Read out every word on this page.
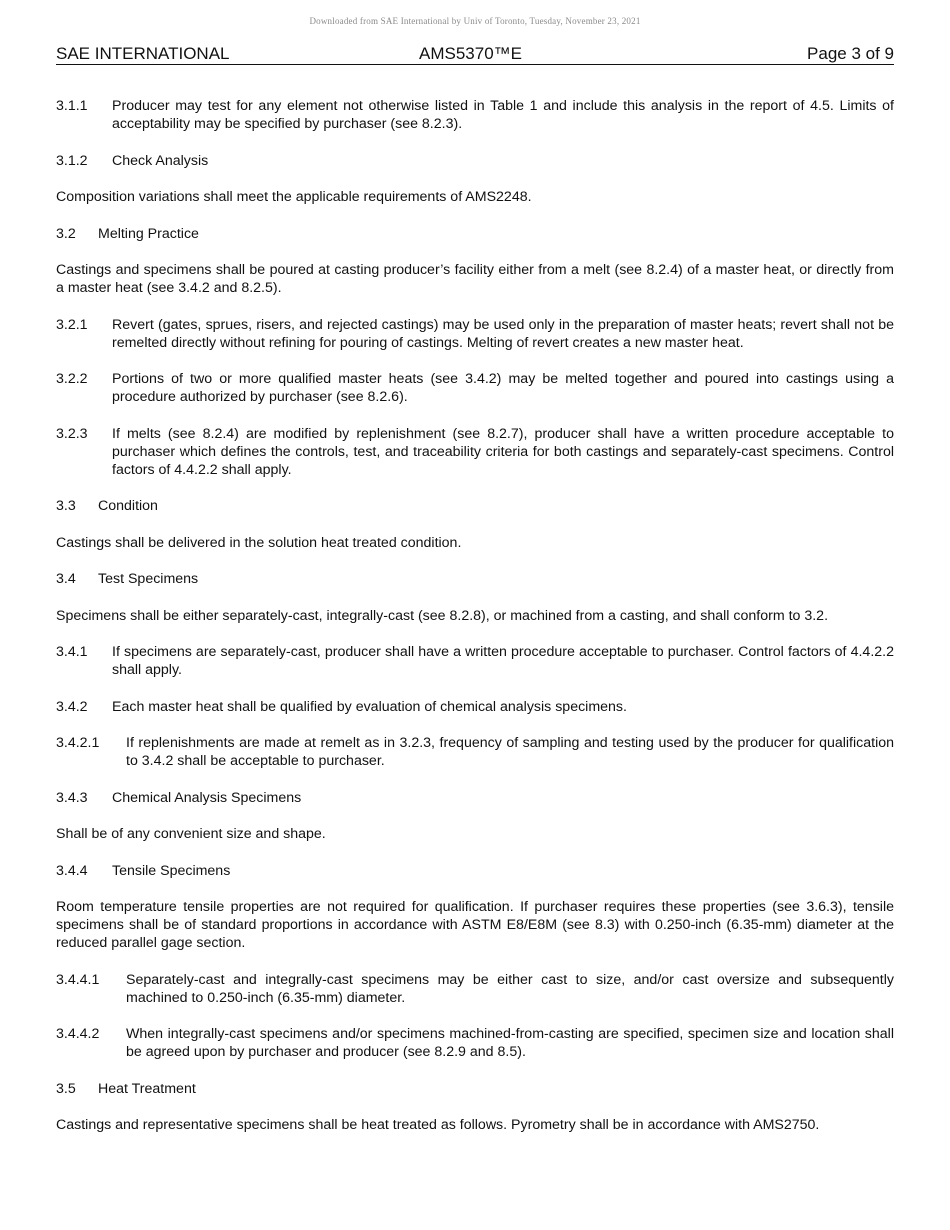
Downloaded from SAE International by Univ of Toronto, Tuesday, November 23, 2021
SAE INTERNATIONAL	AMS5370™E	Page 3 of 9
3.1.1 Producer may test for any element not otherwise listed in Table 1 and include this analysis in the report of 4.5. Limits of acceptability may be specified by purchaser (see 8.2.3).
3.1.2 Check Analysis

Composition variations shall meet the applicable requirements of AMS2248.

3.2 Melting Practice

Castings and specimens shall be poured at casting producer’s facility either from a melt (see 8.2.4) of a master heat, or directly from a master heat (see 3.4.2 and 8.2.5).

3.2.1 Revert (gates, sprues, risers, and rejected castings) may be used only in the preparation of master heats; revert shall not be remelted directly without refining for pouring of castings. Melting of revert creates a new master heat.
3.2.2 Portions of two or more qualified master heats (see 3.4.2) may be melted together and poured into castings using a procedure authorized by purchaser (see 8.2.6).
3.2.3 If melts (see 8.2.4) are modified by replenishment (see 8.2.7), producer shall have a written procedure acceptable to purchaser which defines the controls, test, and traceability criteria for both castings and separately-cast specimens. Control factors of 4.4.2.2 shall apply.
3.3 Condition

Castings shall be delivered in the solution heat treated condition.

3.4 Test Specimens

Specimens shall be either separately-cast, integrally-cast (see 8.2.8), or machined from a casting, and shall conform to 3.2.

3.4.1 If specimens are separately-cast, producer shall have a written procedure acceptable to purchaser. Control factors of 4.4.2.2 shall apply.
3.4.2 Each master heat shall be qualified by evaluation of chemical analysis specimens.
3.4.2.1 If replenishments are made at remelt as in 3.2.3, frequency of sampling and testing used by the producer for qualification to 3.4.2 shall be acceptable to purchaser.
3.4.3 Chemical Analysis Specimens

Shall be of any convenient size and shape.

3.4.4 Tensile Specimens

Room temperature tensile properties are not required for qualification. If purchaser requires these properties (see 3.6.3), tensile specimens shall be of standard proportions in accordance with ASTM E8/E8M (see 8.3) with 0.250-inch (6.35-mm) diameter at the reduced parallel gage section.

3.4.4.1 Separately-cast and integrally-cast specimens may be either cast to size, and/or cast oversize and subsequently machined to 0.250-inch (6.35-mm) diameter.
3.4.4.2 When integrally-cast specimens and/or specimens machined-from-casting are specified, specimen size and location shall be agreed upon by purchaser and producer (see 8.2.9 and 8.5).
3.5 Heat Treatment

Castings and representative specimens shall be heat treated as follows. Pyrometry shall be in accordance with AMS2750.
